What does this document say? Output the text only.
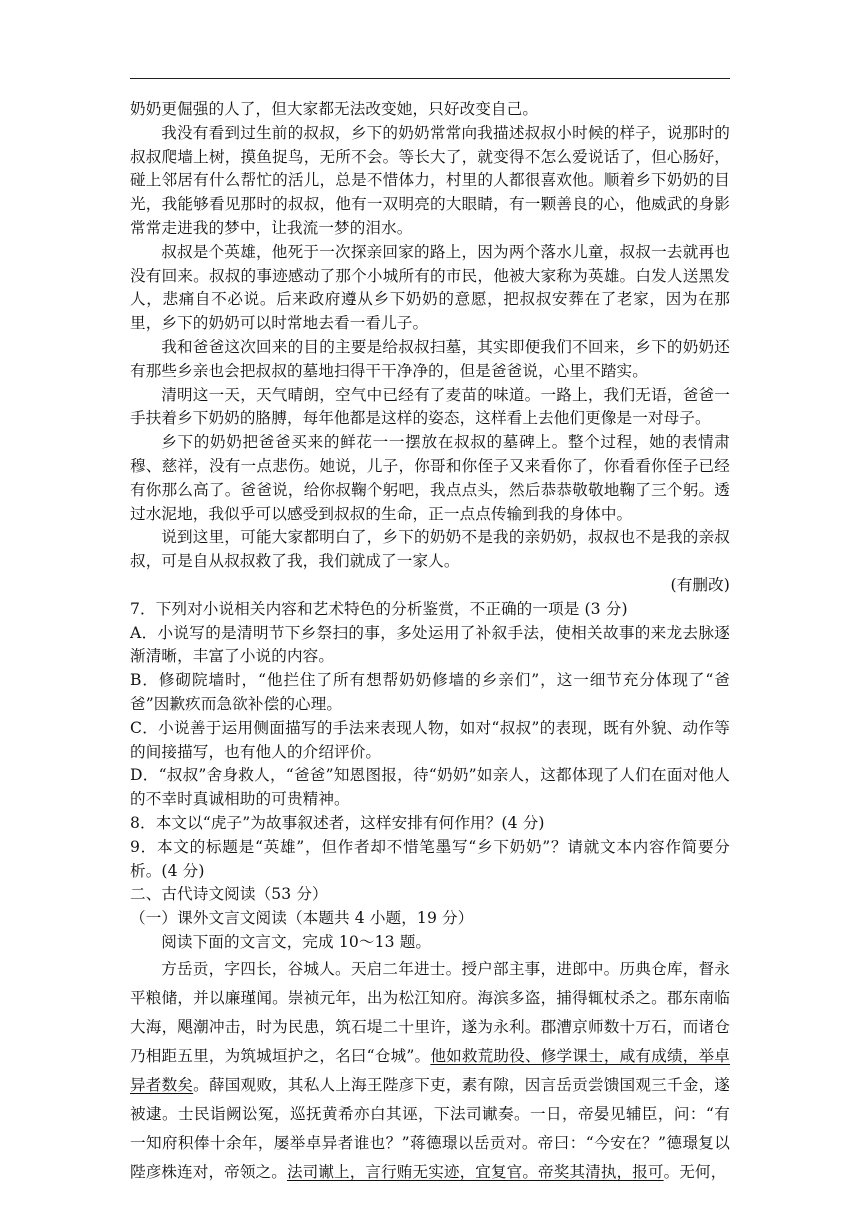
奶奶更倔强的人了，但大家都无法改变她，只好改变自己。

我没有看到过生前的叔叔，乡下的奶奶常常向我描述叔叔小时候的样子，说那时的叔叔爬墙上树，摸鱼捉鸟，无所不会。等长大了，就变得不怎么爱说话了，但心肠好，碰上邻居有什么帮忙的活儿，总是不惜体力，村里的人都很喜欢他。顺着乡下奶奶的目光，我能够看见那时的叔叔，他有一双明亮的大眼睛，有一颗善良的心，他威武的身影常常走进我的梦中，让我流一梦的泪水。

叔叔是个英雄，他死于一次探亲回家的路上，因为两个落水儿童，叔叔一去就再也没有回来。叔叔的事迹感动了那个小城所有的市民，他被大家称为英雄。白发人送黑发人，悲痛自不必说。后来政府遵从乡下奶奶的意愿，把叔叔安葬在了老家，因为在那里，乡下的奶奶可以时常地去看一看儿子。

我和爸爸这次回来的目的主要是给叔叔扫墓，其实即便我们不回来，乡下的奶奶还有那些乡亲也会把叔叔的墓地扫得干干净净的，但是爸爸说，心里不踏实。

清明这一天，天气晴朗，空气中已经有了麦苗的味道。一路上，我们无语，爸爸一手扶着乡下奶奶的胳膊，每年他都是这样的姿态，这样看上去他们更像是一对母子。

乡下的奶奶把爸爸买来的鲜花一一摆放在叔叔的墓碑上。整个过程，她的表情肃穆、慈祥，没有一点悲伤。她说，儿子，你哥和你侄子又来看你了，你看看你侄子已经有你那么高了。爸爸说，给你叔鞠个躬吧，我点点头，然后恭恭敬敬地鞠了三个躬。透过水泥地，我似乎可以感受到叔叔的生命，正一点点传输到我的身体中。

说到这里，可能大家都明白了，乡下的奶奶不是我的亲奶奶，叔叔也不是我的亲叔叔，可是自从叔叔救了我，我们就成了一家人。

(有删改)

7．下列对小说相关内容和艺术特色的分析鉴赏，不正确的一项是 (3 分)

A．小说写的是清明节下乡祭扫的事，多处运用了补叙手法，使相关故事的来龙去脉逐渐清晰，丰富了小说的内容。

B．修砌院墙时，“他拦住了所有想帮奶奶修墙的乡亲们”，这一细节充分体现了“爸爸”因歉疚而急欲补偿的心理。

C．小说善于运用侧面描写的手法来表现人物，如对“叔叔”的表现，既有外貌、动作等的间接描写，也有他人的介绍评价。

D．“叔叔”舍身救人，“爸爸”知恩图报，待“奶奶”如亲人，这都体现了人们在面对他人的不幸时真诚相助的可贵精神。

8．本文以“虎子”为故事叙述者，这样安排有何作用？(4 分)

9．本文的标题是“英雄”，但作者却不惜笔墨写“乡下奶奶”？请就文本内容作简要分析。(4 分)

二、古代诗文阅读（53 分）

（一）课外文言文阅读（本题共 4 小题，19 分）

阅读下面的文言文，完成 10～13 题。

方岳贡，字四长，谷城人。天启二年进士。授户部主事，进郎中。历典仓库，督永平粮储，并以廉瑾闻。崇祯元年，出为松江知府。海滨多盗，捕得辄杖杀之。郡东南临大海，飓潮冲击，时为民患，筑石堤二十里许，遂为永利。郡漕京师数十万石，而诸仓乃相距五里，为筑城垣护之，名曰“仓城”。他如救荒助役、修学课士，咸有成绩，举卓异者数矣。薛国观败，其私人上海王陛彦下吏，素有隙，因言岳贡尝馈国观三千金，遂被逮。士民诣阙讼冤，巡抚黄希亦白其诬，下法司谳奏。一日，帝晏见辅臣，问：“有一知府积俸十余年，屡举卓异者谁也？”蒋德璟以岳贡对。帝曰：“今安在？”德璟复以陛彦株连对，帝领之。法司谳上，言行贿无实迹，宜复官。帝奖其清执，报可。无何，
